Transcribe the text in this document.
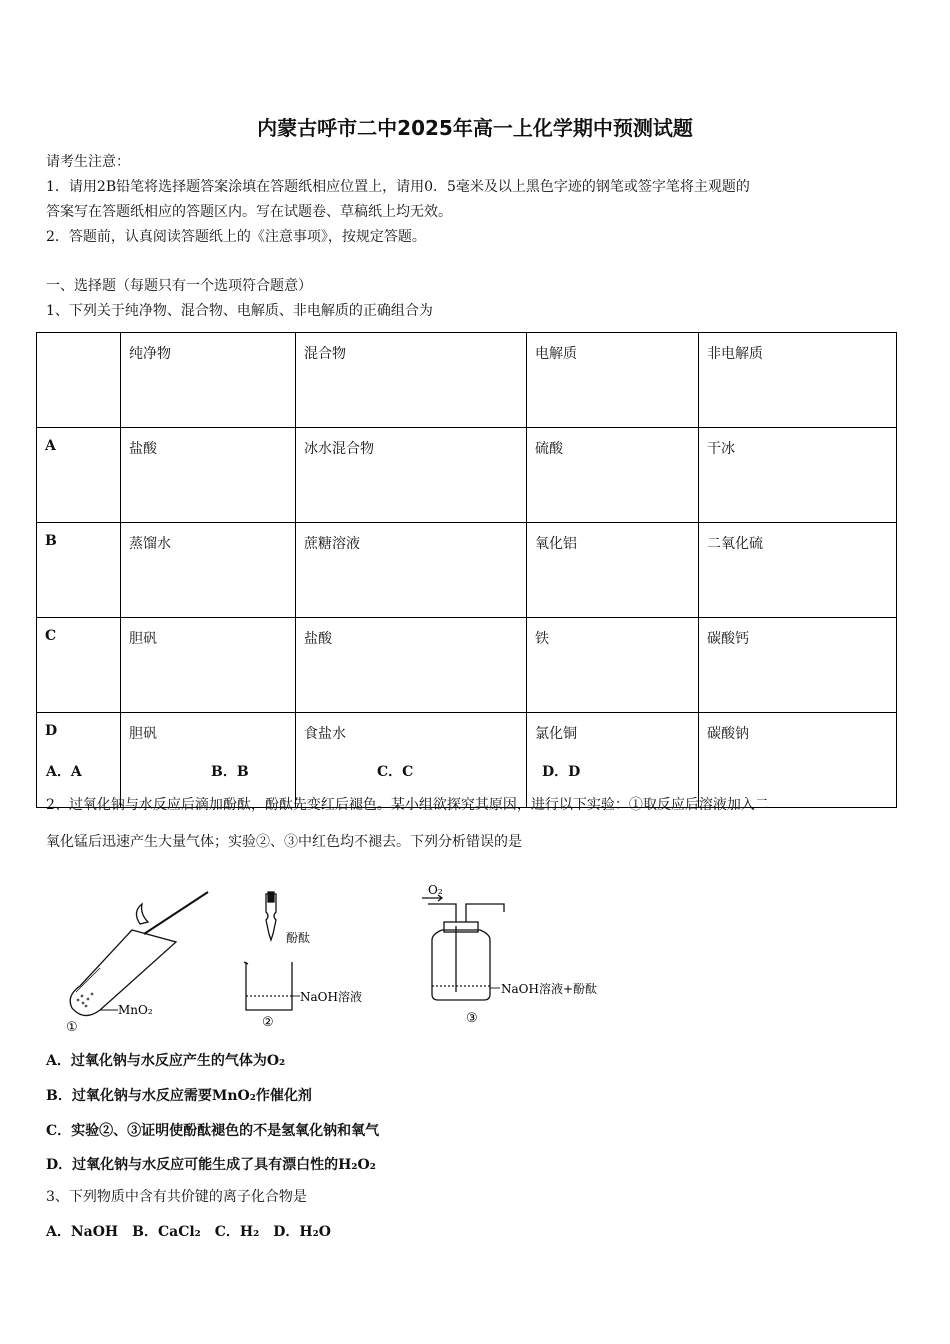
内蒙古呼市二中2025年高一上化学期中预测试题
请考生注意：
1．请用2B铅笔将选择题答案涂填在答题纸相应位置上，请用0．5毫米及以上黑色字迹的钢笔或签字笔将主观题的
答案写在答题纸相应的答题区内。写在试题卷、草稿纸上均无效。
2．答题前，认真阅读答题纸上的《注意事项》，按规定答题。
一、选择题（每题只有一个选项符合题意）
1、下列关于纯净物、混合物、电解质、非电解质的正确组合为
	纯净物	混合物	电解质	非电解质
A	盐酸	冰水混合物	硫酸	干冰
B	蒸馏水	蔗糖溶液	氧化铝	二氧化硫
C	胆矾	盐酸	铁	碳酸钙
D	胆矾	食盐水	氯化铜	碳酸钠
A．A	B．B	C．C	D．D
2、过氧化钠与水反应后滴加酚酞，酚酞先变红后褪色。某小组欲探究其原因，进行以下实验：①取反应后溶液加入二
氧化锰后迅速产生大量气体；实验②、③中红色均不褪去。下列分析错误的是
MnO₂
①
酚酞
NaOH溶液
②
O₂
NaOH溶液+酚酞
③
A．过氧化钠与水反应产生的气体为O₂
B．过氧化钠与水反应需要MnO₂作催化剂
C．实验②、③证明使酚酞褪色的不是氢氧化钠和氧气
D．过氧化钠与水反应可能生成了具有漂白性的H₂O₂
3、下列物质中含有共价键的离子化合物是
A．NaOH　B．CaCl₂　C．H₂　D．H₂O
